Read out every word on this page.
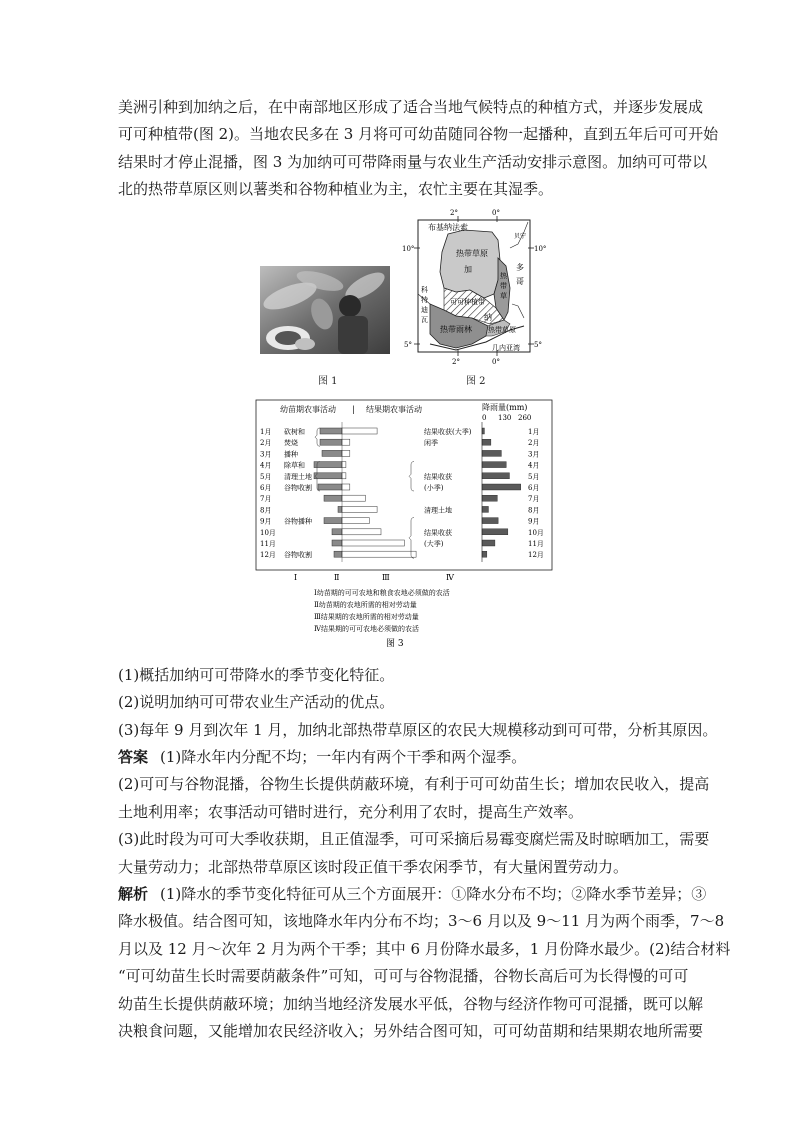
美洲引种到加纳之后，在中南部地区形成了适合当地气候特点的种植方式，并逐步发展成
可可种植带(图 2)。当地农民多在 3 月将可可幼苗随同谷物一起播种，直到五年后可可开始
结果时才停止混播，图 3 为加纳可可带降雨量与农业生产活动安排示意图。加纳可可带以
北的热带草原区则以薯类和谷物种植业为主，农忙主要在其湿季。
图 1
2°	0°
2°	0°
10°
5°
10°
5°
布基纳法索
贝宁
多
哥
热带草原
加
可可种植带
纳
热带雨林 热带草原
几内亚湾
科
特
迪
瓦
热
带
草
图 2
幼苗期农事活动 | 结果期农事活动	降雨量(mm)
0 130 260
1月	1月
2月	2月
3月	3月
4月	4月
5月	5月
6月	6月
7月	7月
8月	8月
9月	9月
10月	10月
11月	11月
12月	12月
砍树和
焚烧
播种
除草和
清理土地
谷物收割
谷物播种
谷物收割
结果收获(大季)
闲季
结果收获
(小季)
清理土地
结果收获
(大季)
Ⅰ	Ⅱ	Ⅲ	Ⅳ
Ⅰ幼苗期的可可农地和粮食农地必须做的农活
Ⅱ幼苗期的农地所需的相对劳动量
Ⅲ结果期的农地所需的相对劳动量
Ⅳ结果期的可可农地必须做的农活
图 3
(1)概括加纳可可带降水的季节变化特征。
(2)说明加纳可可带农业生产活动的优点。
(3)每年 9 月到次年 1 月，加纳北部热带草原区的农民大规模移动到可可带，分析其原因。
答案 (1)降水年内分配不均；一年内有两个干季和两个湿季。
(2)可可与谷物混播，谷物生长提供荫蔽环境，有利于可可幼苗生长；增加农民收入，提高
土地利用率；农事活动可错时进行，充分利用了农时，提高生产效率。
(3)此时段为可可大季收获期，且正值湿季，可可采摘后易霉变腐烂需及时晾晒加工，需要
大量劳动力；北部热带草原区该时段正值干季农闲季节，有大量闲置劳动力。
解析 (1)降水的季节变化特征可从三个方面展开：①降水分布不均；②降水季节差异；③
降水极值。结合图可知，该地降水年内分布不均；3～6 月以及 9～11 月为两个雨季，7～8
月以及 12 月～次年 2 月为两个干季；其中 6 月份降水最多，1 月份降水最少。(2)结合材料
“可可幼苗生长时需要荫蔽条件”可知，可可与谷物混播，谷物长高后可为长得慢的可可
幼苗生长提供荫蔽环境；加纳当地经济发展水平低，谷物与经济作物可可混播，既可以解
决粮食问题，又能增加农民经济收入；另外结合图可知，可可幼苗期和结果期农地所需要
